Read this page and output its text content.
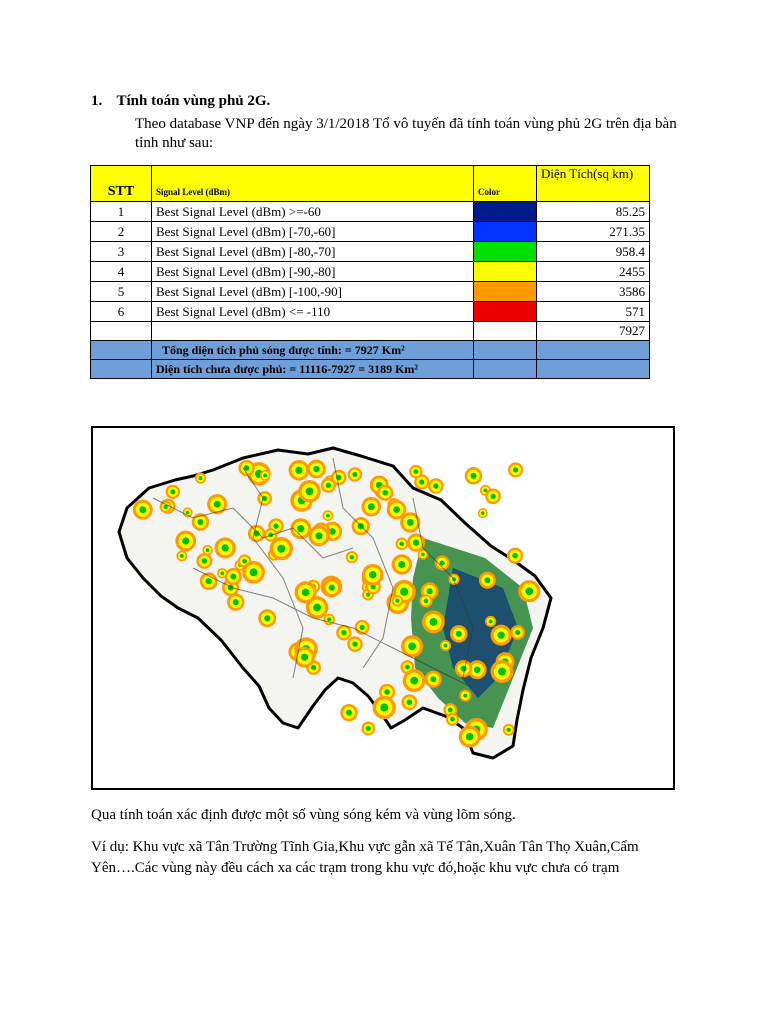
1. Tính toán vùng phủ 2G.
Theo database VNP đến ngày 3/1/2018 Tổ vô tuyến đã tính toán vùng phủ 2G trên địa bàn tỉnh như sau:
STT	Signal Level (dBm)	Color	Diện Tích(sq km)
1	Best Signal Level (dBm) >=-60		85.25
2	Best Signal Level (dBm) [-70,-60]		271.35
3	Best Signal Level (dBm) [-80,-70]		958.4
4	Best Signal Level (dBm) [-90,-80]		2455
5	Best Signal Level (dBm) [-100,-90]		3586
6	Best Signal Level (dBm) <= -110		571
			7927
	Tổng diện tích phủ sóng được tính: = 7927 Km²		
	Diện tích chưa được phủ: = 11116-7927 = 3189 Km²		
Qua tính toán xác định được một số vùng sóng kém và vùng lõm sóng.
Ví dụ: Khu vực xã Tân Trường Tĩnh Gia,Khu vực gẫn xã Tế Tân,Xuân Tân Thọ Xuân,Cẩm Yên….Các vùng này đều cách xa các trạm trong khu vực đó,hoặc khu vực chưa có trạm
